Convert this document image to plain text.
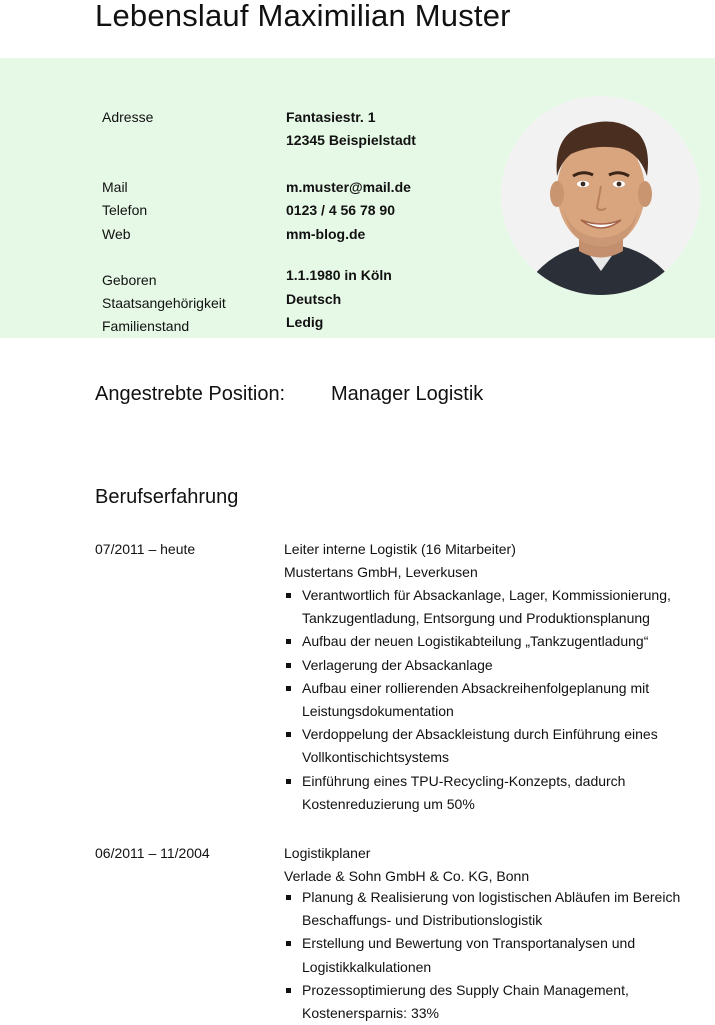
Lebenslauf Maximilian Muster
Adresse	Fantasiestr. 1
12345 Beispielstadt
Mail	m.muster@mail.de
Telefon	0123 / 4 56 78 90
Web	mm-blog.de
Geboren	1.1.1980 in Köln
Staatsangehörigkeit	Deutsch
Familienstand	Ledig
Angestrebte Position: Manager Logistik
Berufserfahrung
07/2011 – heute	Leiter interne Logistik (16 Mitarbeiter)
Mustertans GmbH, Leverkusen
Verantwortlich für Absackanlage, Lager, Kommissionierung, Tankzugentladung, Entsorgung und Produktionsplanung
Aufbau der neuen Logistikabteilung „Tankzugentladung“
Verlagerung der Absackanlage
Aufbau einer rollierenden Absackreihenfolgeplanung mit Leistungsdokumentation
Verdoppelung der Absackleistung durch Einführung eines Vollkontischichtsystems
Einführung eines TPU-Recycling-Konzepts, dadurch Kostenreduzierung um 50%
06/2011 – 11/2004	Logistikplaner
Verlade & Sohn GmbH & Co. KG, Bonn
Planung & Realisierung von logistischen Abläufen im Bereich Beschaffungs- und Distributionslogistik
Erstellung und Bewertung von Transportanalysen und Logistikkalkulationen
Prozessoptimierung des Supply Chain Management, Kostenersparnis: 33%
